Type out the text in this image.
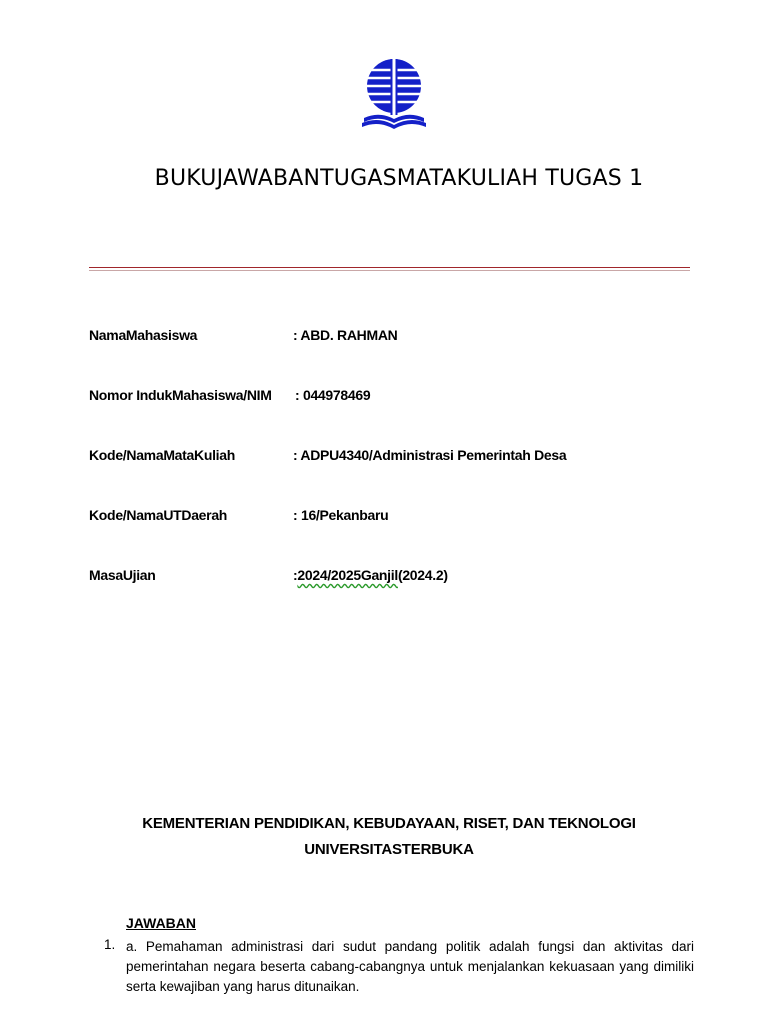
BUKUJAWABANTUGASMATAKULIAH TUGAS 1
NamaMahasiswa	: ABD. RAHMAN
Nomor IndukMahasiswa/NIM : 044978469
Kode/NamaMataKuliah	: ADPU4340/Administrasi Pemerintah Desa
Kode/NamaUTDaerah	: 16/Pekanbaru
MasaUjian	:2024/2025Ganjil(2024.2)
KEMENTERIAN PENDIDIKAN, KEBUDAYAAN, RISET, DAN TEKNOLOGI
UNIVERSITASTERBUKA
JAWABAN
1. a. Pemahaman administrasi dari sudut pandang politik adalah fungsi dan aktivitas dari pemerintahan negara beserta cabang-cabangnya untuk menjalankan kekuasaan yang dimiliki serta kewajiban yang harus ditunaikan.
